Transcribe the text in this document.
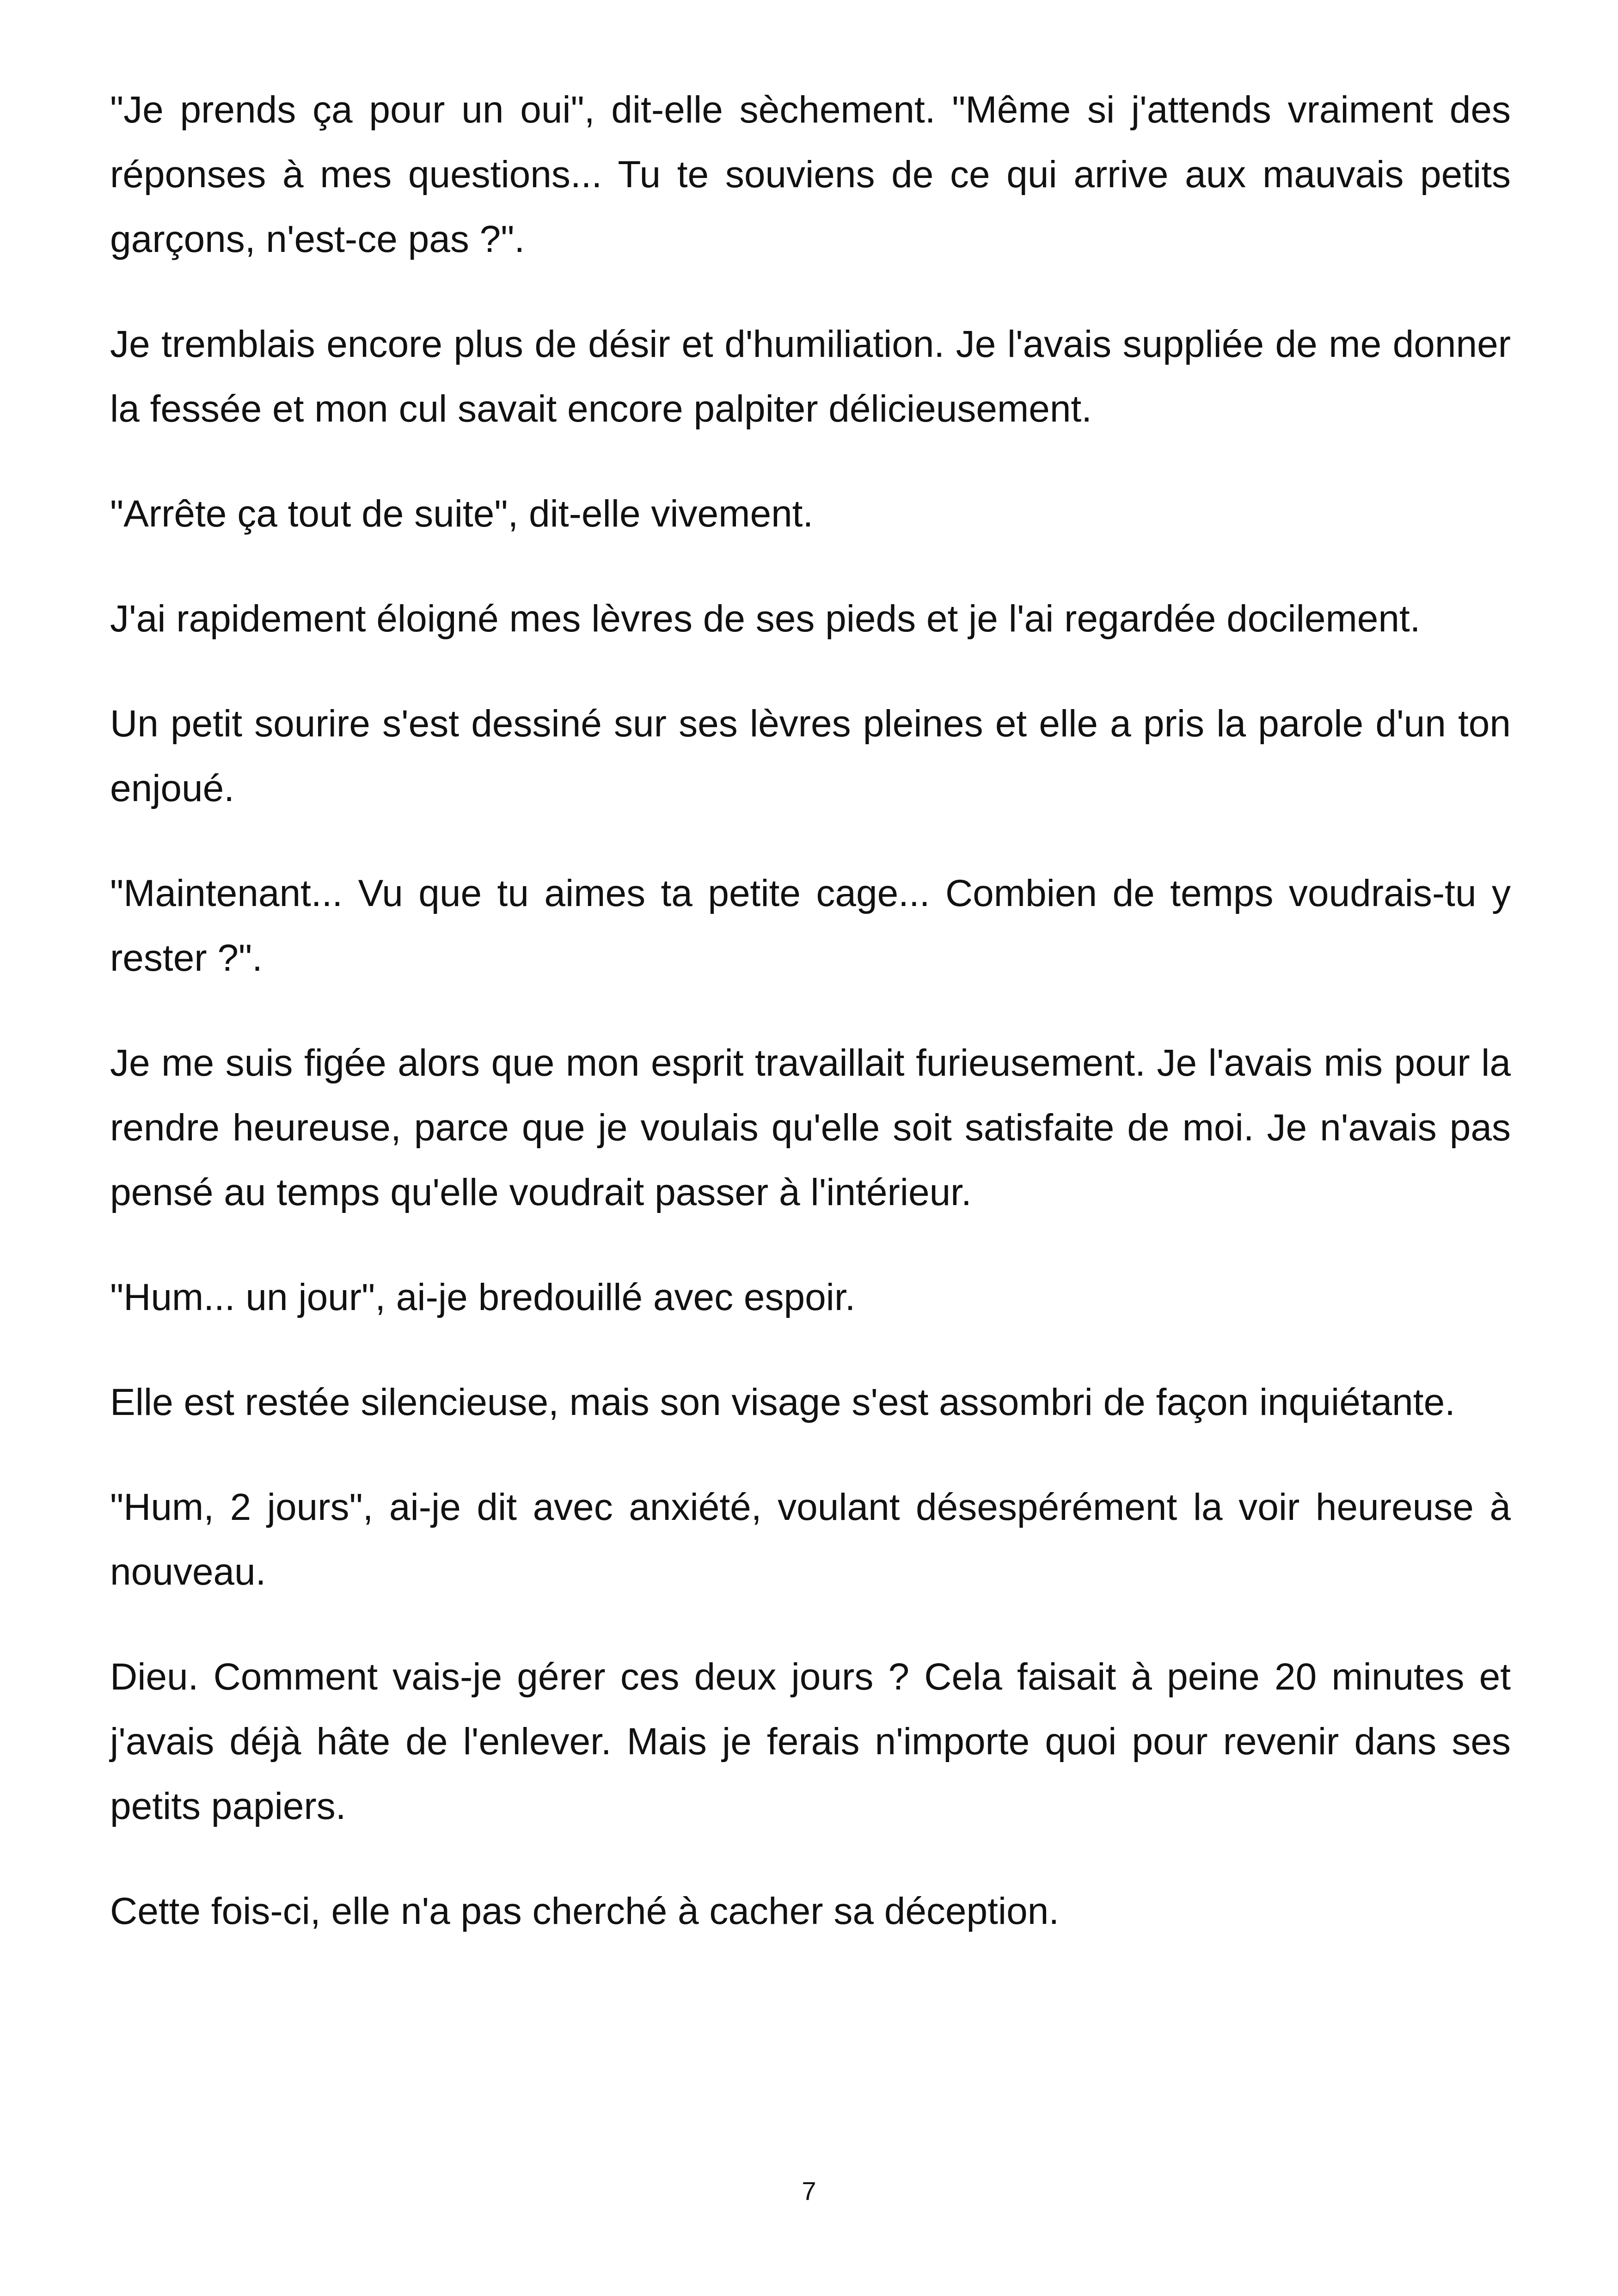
"Je prends ça pour un oui", dit-elle sèchement. "Même si j'attends vraiment des réponses à mes questions... Tu te souviens de ce qui arrive aux mauvais petits garçons, n'est-ce pas ?".

Je tremblais encore plus de désir et d'humiliation. Je l'avais suppliée de me donner la fessée et mon cul savait encore palpiter délicieusement.

"Arrête ça tout de suite", dit-elle vivement.

J'ai rapidement éloigné mes lèvres de ses pieds et je l'ai regardée docilement.

Un petit sourire s'est dessiné sur ses lèvres pleines et elle a pris la parole d'un ton enjoué.

"Maintenant... Vu que tu aimes ta petite cage... Combien de temps voudrais-tu y rester ?".

Je me suis figée alors que mon esprit travaillait furieusement. Je l'avais mis pour la rendre heureuse, parce que je voulais qu'elle soit satisfaite de moi. Je n'avais pas pensé au temps qu'elle voudrait passer à l'intérieur.

"Hum... un jour", ai-je bredouillé avec espoir.

Elle est restée silencieuse, mais son visage s'est assombri de façon inquiétante.

"Hum, 2 jours", ai-je dit avec anxiété, voulant désespérément la voir heureuse à nouveau.

Dieu. Comment vais-je gérer ces deux jours ? Cela faisait à peine 20 minutes et j'avais déjà hâte de l'enlever. Mais je ferais n'importe quoi pour revenir dans ses petits papiers.

Cette fois-ci, elle n'a pas cherché à cacher sa déception.

7
